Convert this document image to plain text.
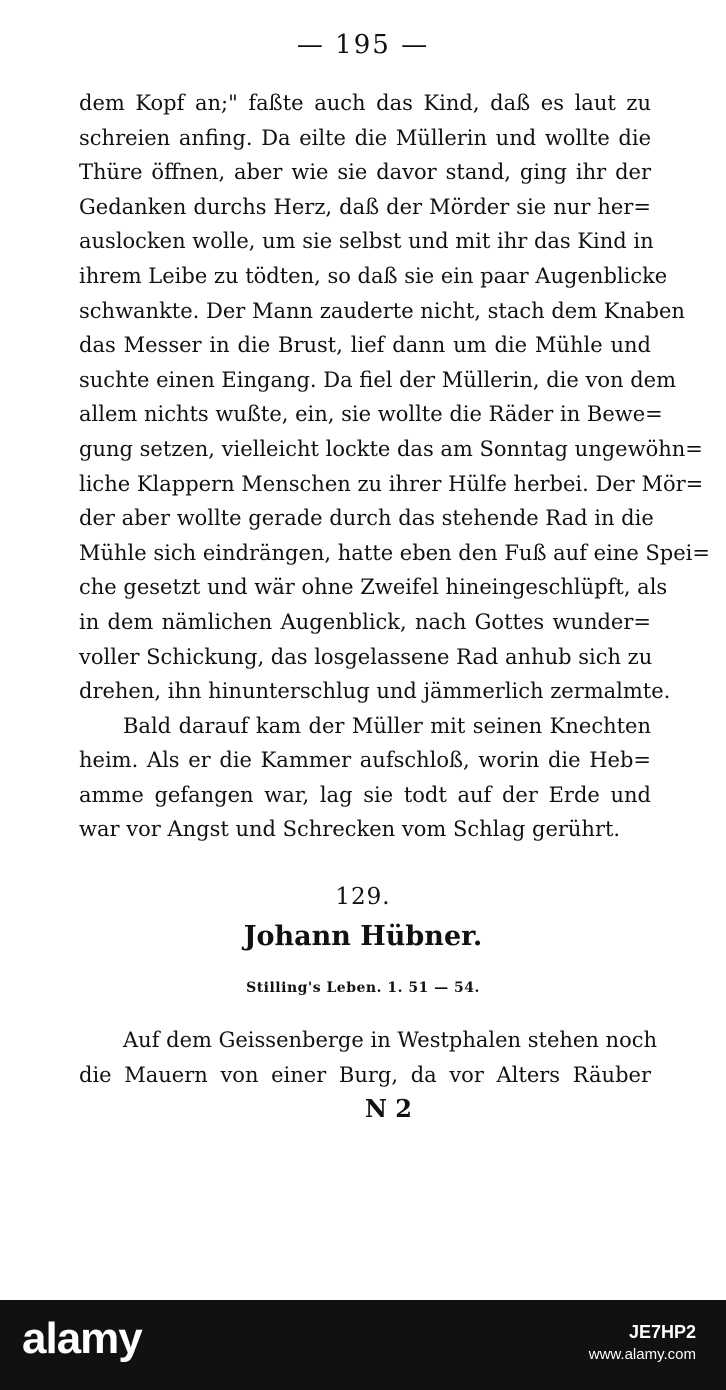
— 195 —
dem Kopf an;" faßte auch das Kind, daß es laut zu
schreien anfing. Da eilte die Müllerin und wollte die
Thüre öffnen, aber wie sie davor stand, ging ihr der
Gedanken durchs Herz, daß der Mörder sie nur her=
auslocken wolle, um sie selbst und mit ihr das Kind in
ihrem Leibe zu tödten, so daß sie ein paar Augenblicke
schwankte. Der Mann zauderte nicht, stach dem Knaben
das Messer in die Brust, lief dann um die Mühle und
suchte einen Eingang. Da fiel der Müllerin, die von dem
allem nichts wußte, ein, sie wollte die Räder in Bewe=
gung setzen, vielleicht lockte das am Sonntag ungewöhn=
liche Klappern Menschen zu ihrer Hülfe herbei. Der Mör=
der aber wollte gerade durch das stehende Rad in die
Mühle sich eindrängen, hatte eben den Fuß auf eine Spei=
che gesetzt und wär ohne Zweifel hineingeschlüpft, als
in dem nämlichen Augenblick, nach Gottes wunder=
voller Schickung, das losgelassene Rad anhub sich zu
drehen, ihn hinunterschlug und jämmerlich zermalmte.
Bald darauf kam der Müller mit seinen Knechten
heim. Als er die Kammer aufschloß, worin die Heb=
amme gefangen war, lag sie todt auf der Erde und
war vor Angst und Schrecken vom Schlag gerührt.
129.
Johann Hübner.
Stilling's Leben. 1. 51 — 54.
Auf dem Geissenberge in Westphalen stehen noch
die Mauern von einer Burg, da vor Alters Räuber
N 2
alamy	JE7HP2
www.alamy.com
